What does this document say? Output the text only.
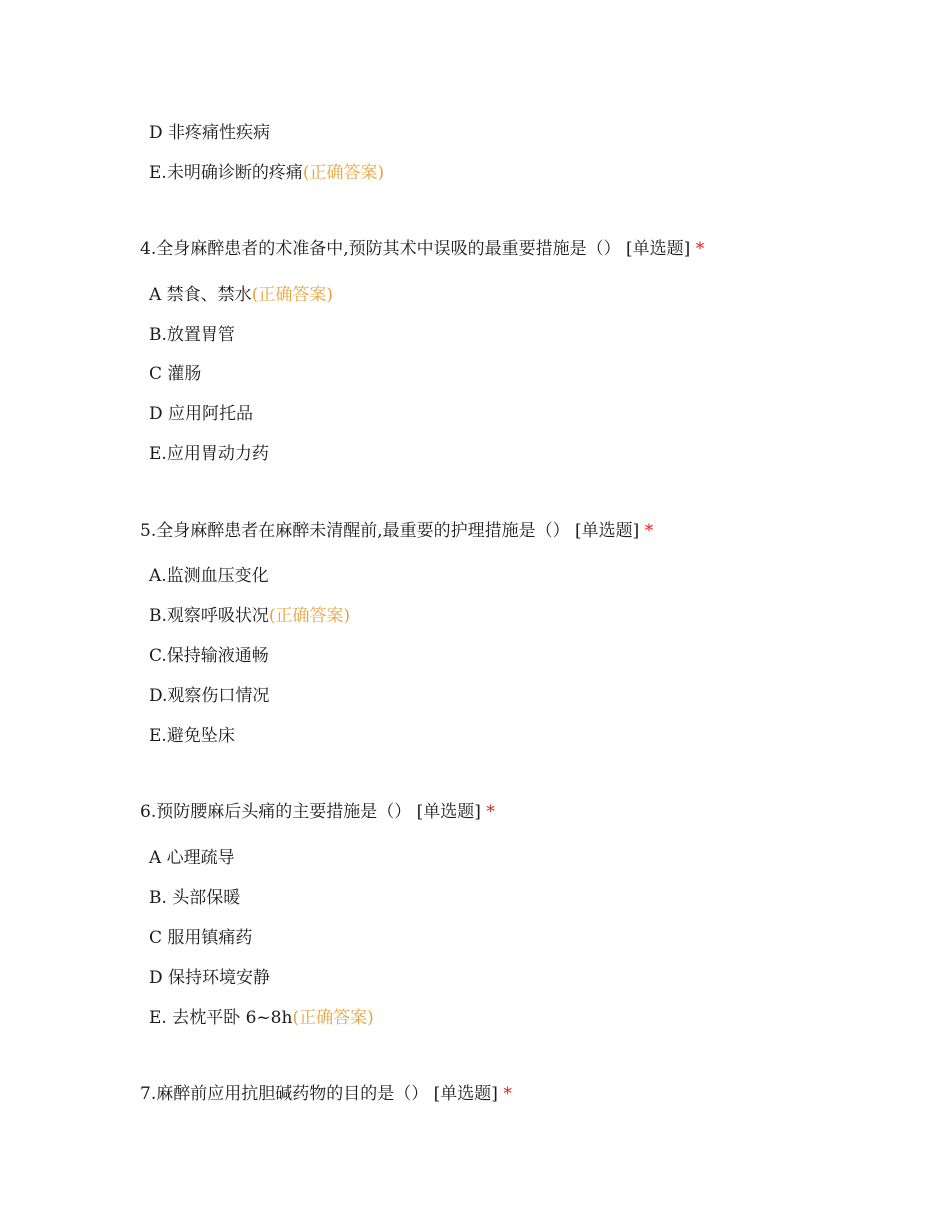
D 非疼痛性疾病
E.未明确诊断的疼痛(正确答案)
4.全身麻醉患者的术准备中,预防其术中误吸的最重要措施是（） [单选题] *
A 禁食、禁水(正确答案)
B.放置胃管
C 灌肠
D 应用阿托品
E.应用胃动力药
5.全身麻醉患者在麻醉未清醒前,最重要的护理措施是（） [单选题] *
A.监测血压变化
B.观察呼吸状况(正确答案)
C.保持输液通畅
D.观察伤口情况
E.避免坠床
6.预防腰麻后头痛的主要措施是（） [单选题] *
A 心理疏导
B. 头部保暖
C 服用镇痛药
D 保持环境安静
E. 去枕平卧 6~8h(正确答案)
7.麻醉前应用抗胆碱药物的目的是（） [单选题] *
